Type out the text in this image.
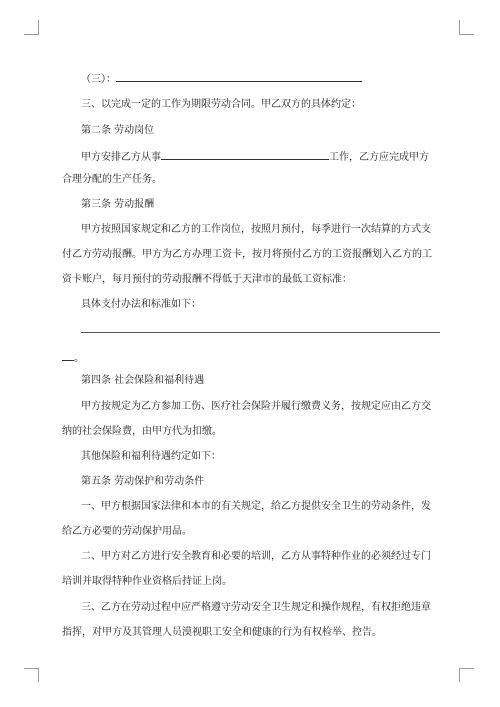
（三）：
三、以完成一定的工作为期限劳动合同。甲乙双方的具体约定：
第二条 劳动岗位
甲方安排乙方从事	工作，乙方应完成甲方
合理分配的生产任务。
第三条 劳动报酬
甲方按照国家规定和乙方的工作岗位，按照月预付，每季进行一次结算的方式支
付乙方劳动报酬。甲方为乙方办理工资卡，按月将预付乙方的工资报酬划入乙方的工
资卡账户，每月预付的劳动报酬不得低于天津市的最低工资标准：
具体支付办法和标准如下：
。
第四条 社会保险和福利待遇
甲方按规定为乙方参加工伤、医疗社会保险并履行缴费义务，按规定应由乙方交
纳的社会保险费，由甲方代为扣缴。
其他保险和福利待遇约定如下：
第五条 劳动保护和劳动条件
一、甲方根据国家法律和本市的有关规定，给乙方提供安全卫生的劳动条件，发
给乙方必要的劳动保护用品。
二、甲方对乙方进行安全教育和必要的培训，乙方从事特种作业的必须经过专门
培训并取得特种作业资格后持证上岗。
三、乙方在劳动过程中应严格遵守劳动安全卫生规定和操作规程，有权拒绝违章
指挥，对甲方及其管理人员漠视职工安全和健康的行为有权检举、控告。
